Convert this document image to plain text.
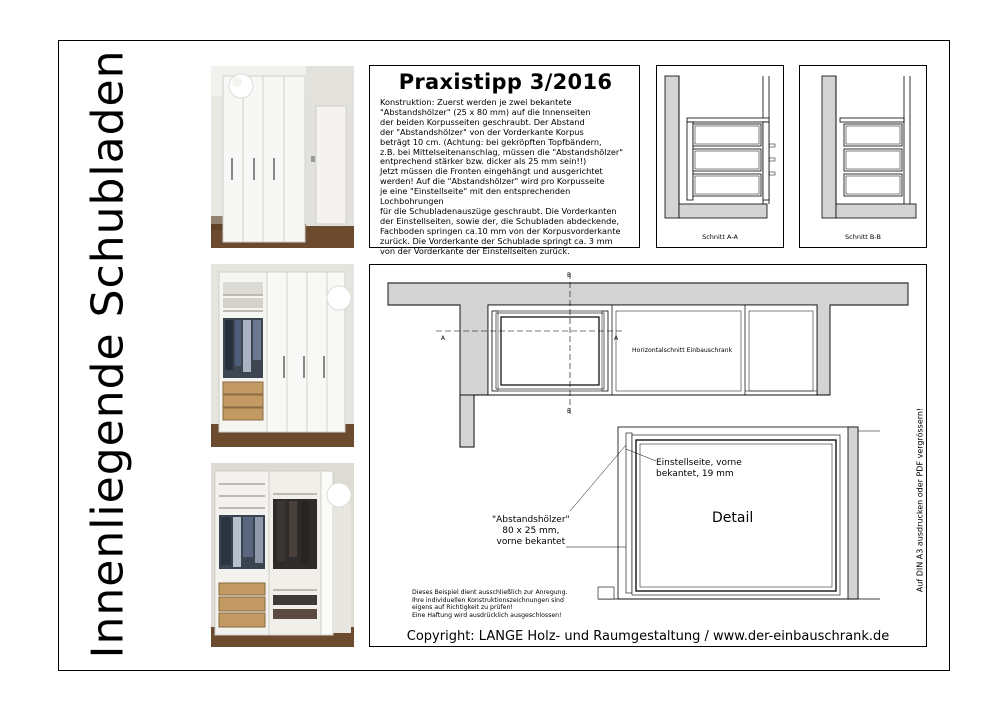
Innenliegende Schubladen	Praxistipp 3/2016

Konstruktion: Zuerst werden je zwei bekantete
"Abstandshölzer" (25 x 80 mm) auf die Innenseiten
der beiden Korpusseiten geschraubt. Der Abstand
der "Abstandshölzer" von der Vorderkante Korpus
beträgt 10 cm. (Achtung: bei gekröpften Topfbändern,
z.B. bei Mittelseitenanschlag, müssen die "Abstandshölzer"
entprechend stärker bzw. dicker als 25 mm sein!!)
Jetzt müssen die Fronten eingehängt und ausgerichtet
werden! Auf die "Abstandshölzer" wird pro Korpusseite
je eine "Einstellseite" mit den entsprechenden Lochbohrungen
für die Schubladenauszüge geschraubt. Die Vorderkanten
der Einstellseiten, sowie der, die Schubladen abdeckende,
Fachboden springen ca.10 mm von der Korpusvorderkante
zurück. Die Vorderkante der Schublade springt ca. 3 mm
von der Vorderkante der Einstellseiten zurück.

Schnitt A-A	Schnitt B-B
B
B
A	A
Horizontalschnitt Einbauschrank
Einstellseite, vorne
bekantet, 19 mm
Detail
"Abstandshölzer"
80 x 25 mm,
vorne bekantet
Dieses Beispiel dient ausschließlich zur Anregung.
Ihre individuellen Konstruktionszeichnungen sind
eigens auf Richtigkeit zu prüfen!
Eine Haftung wird ausdrücklich ausgeschlossen!
Auf DIN A3 ausdrucken oder PDF vergrössern!
Copyright: LANGE Holz- und Raumgestaltung / www.der-einbauschrank.de
